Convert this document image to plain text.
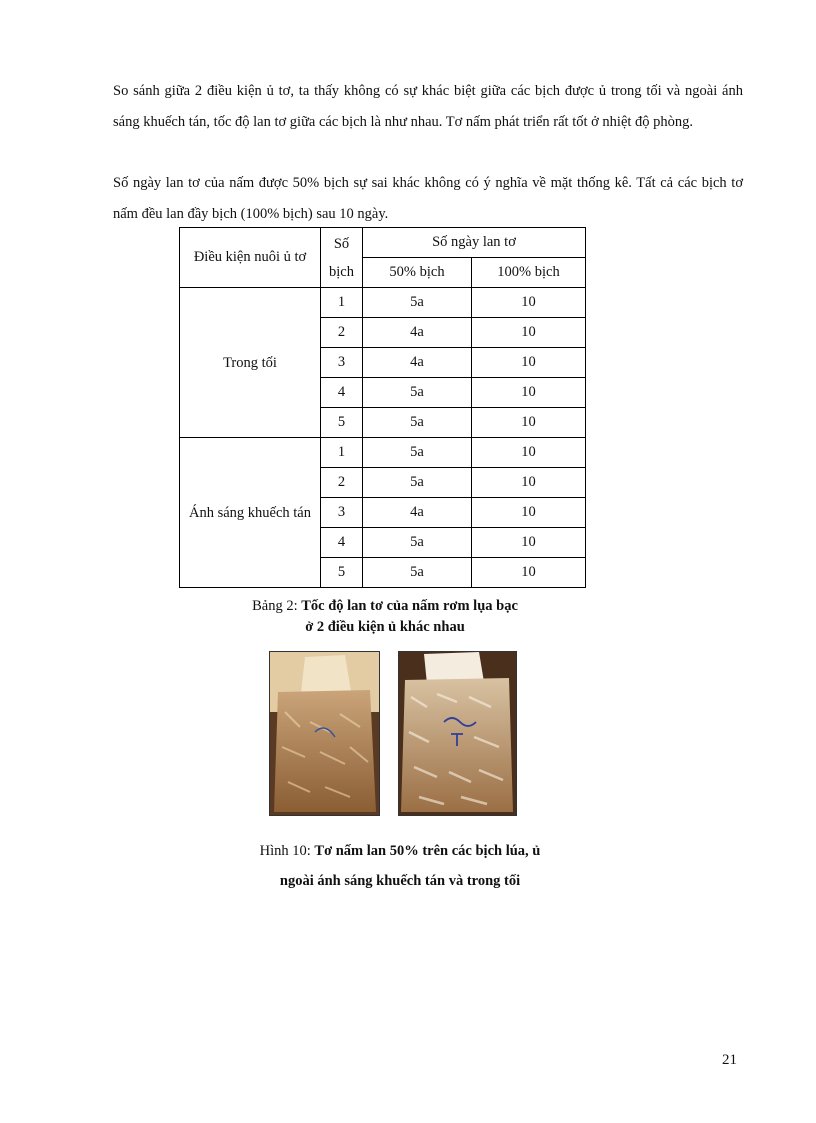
So sánh giữa 2 điều kiện ủ tơ, ta thấy không có sự khác biệt giữa các bịch được ủ trong tối và ngoài ánh sáng khuếch tán, tốc độ lan tơ giữa các bịch là như nhau. Tơ nấm phát triển rất tốt ở nhiệt độ phòng.

Số ngày lan tơ của nấm được 50% bịch sự sai khác không có ý nghĩa về mặt thống kê. Tất cả các bịch tơ nấm đều lan đầy bịch (100% bịch) sau 10 ngày.

Điều kiện nuôi ủ tơ	Số bịch	Số ngày lan tơ	
		50% bịch	100% bịch
Trong tối	1	5a	10
	2	4a	10
	3	4a	10
	4	5a	10
	5	5a	10
Ánh sáng khuếch tán	1	5a	10
	2	5a	10
	3	4a	10
	4	5a	10
	5	5a	10
Bảng 2: Tốc độ lan tơ của nấm rơm lụa bạc
ở 2 điều kiện ủ khác nhau
Hình 10: Tơ nấm lan 50% trên các bịch lúa, ủ
ngoài ánh sáng khuếch tán và trong tối
21
